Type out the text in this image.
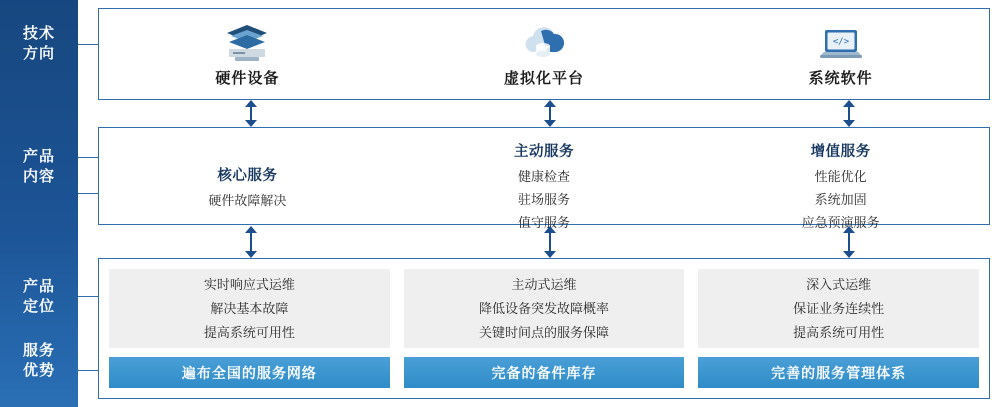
技术
方向
产品
内容
产品
定位
服务
优势
硬件设备	虚拟化平台
</>
系统软件
核心服务

硬件故障解决

主动服务

健康检查

驻场服务

值守服务

增值服务

性能优化

系统加固

应急预演服务

实时响应式运维

解决基本故障

提高系统可用性

遍布全国的服务网络

主动式运维

降低设备突发故障概率

关键时间点的服务保障

完备的备件库存

深入式运维

保证业务连续性

提高系统可用性

完善的服务管理体系
